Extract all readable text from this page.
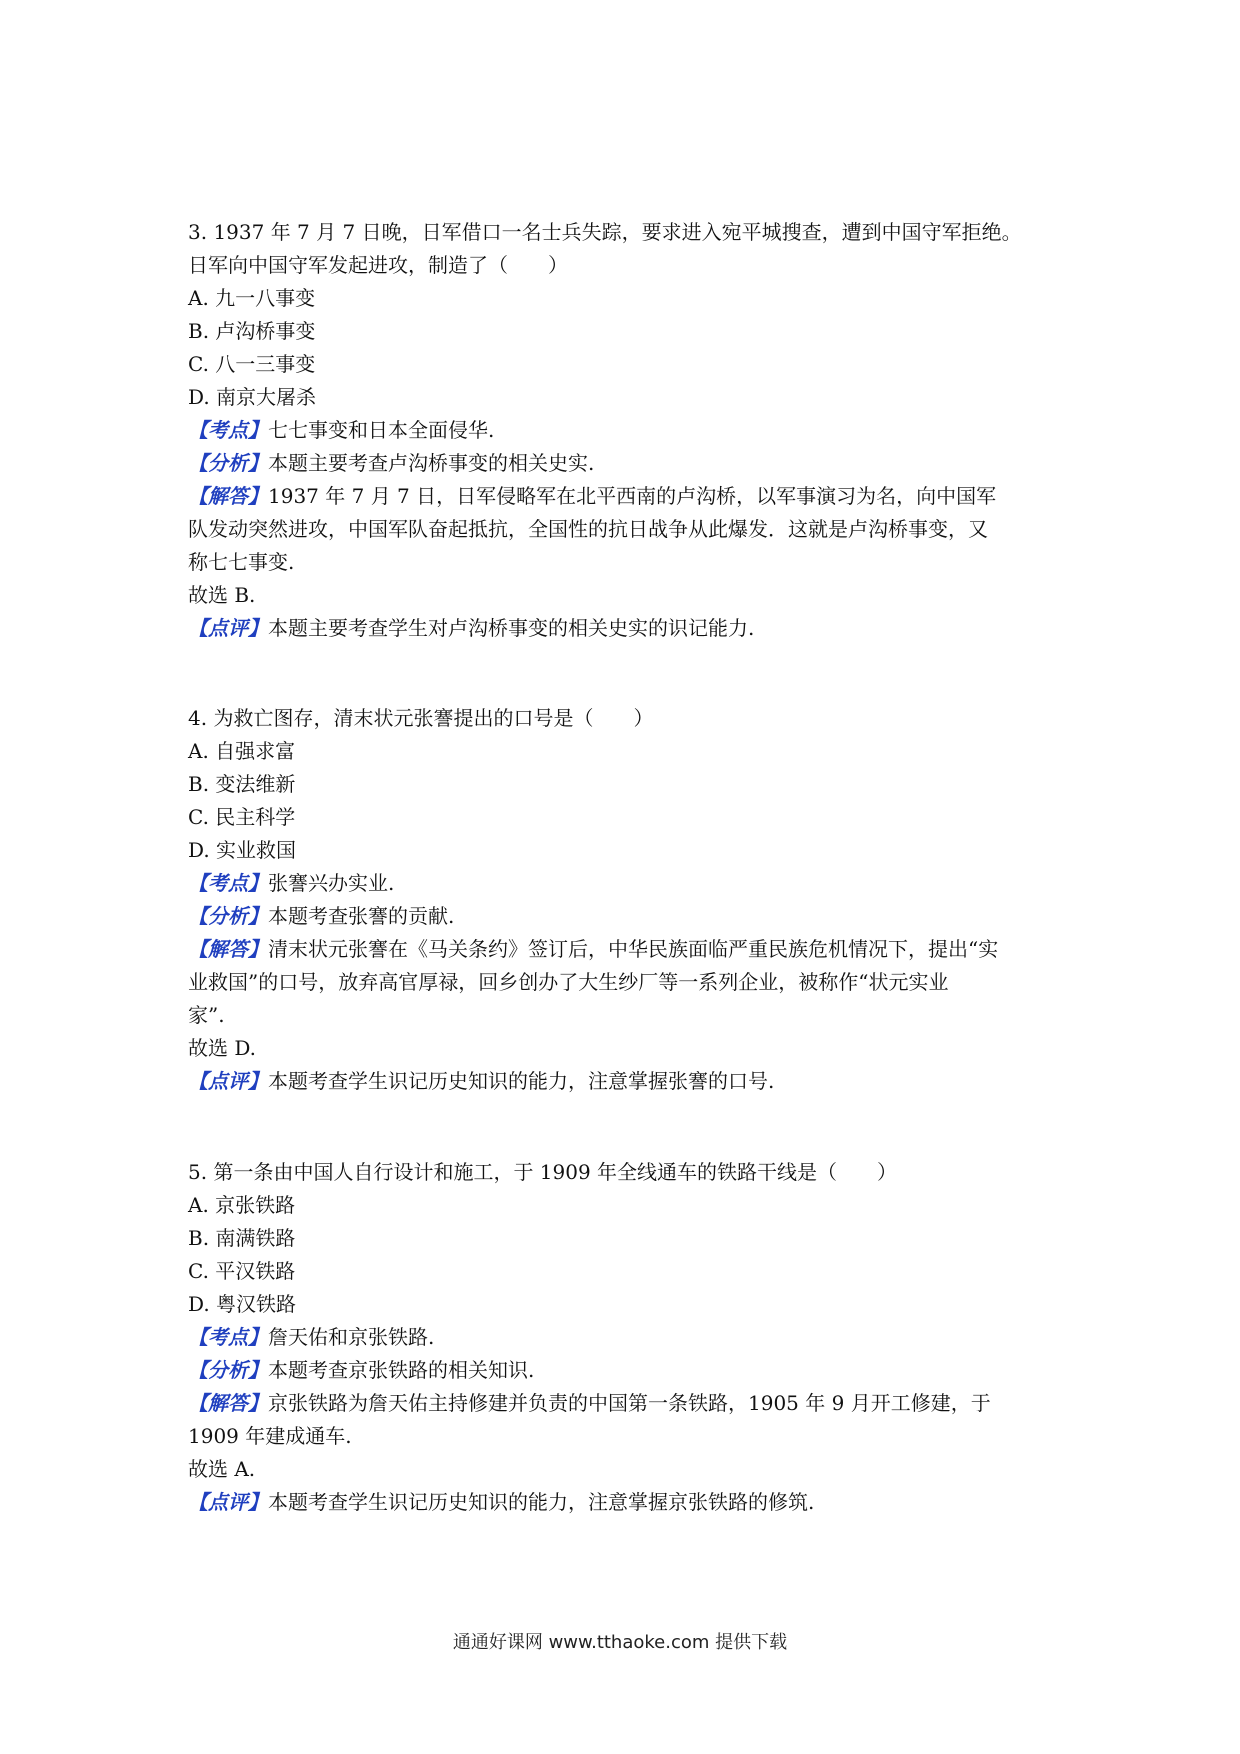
3. 1937 年 7 月 7 日晚，日军借口一名士兵失踪，要求进入宛平城搜查，遭到中国守军拒绝。
日军向中国守军发起进攻，制造了（　　）
A. 九一八事变
B. 卢沟桥事变
C. 八一三事变
D. 南京大屠杀
【考点】七七事变和日本全面侵华.
【分析】本题主要考查卢沟桥事变的相关史实.
【解答】1937 年 7 月 7 日，日军侵略军在北平西南的卢沟桥，以军事演习为名，向中国军
队发动突然进攻，中国军队奋起抵抗，全国性的抗日战争从此爆发．这就是卢沟桥事变，又
称七七事变.
故选 B.
【点评】本题主要考查学生对卢沟桥事变的相关史实的识记能力.
4. 为救亡图存，清末状元张謇提出的口号是（　　）
A. 自强求富
B. 变法维新
C. 民主科学
D. 实业救国
【考点】张謇兴办实业.
【分析】本题考查张謇的贡献.
【解答】清末状元张謇在《马关条约》签订后，中华民族面临严重民族危机情况下，提出“实
业救国”的口号，放弃高官厚禄，回乡创办了大生纱厂等一系列企业，被称作“状元实业
家”.
故选 D.
【点评】本题考查学生识记历史知识的能力，注意掌握张謇的口号.
5. 第一条由中国人自行设计和施工，于 1909 年全线通车的铁路干线是（　　）
A. 京张铁路
B. 南满铁路
C. 平汉铁路
D. 粤汉铁路
【考点】詹天佑和京张铁路.
【分析】本题考查京张铁路的相关知识.
【解答】京张铁路为詹天佑主持修建并负责的中国第一条铁路，1905 年 9 月开工修建，于
1909 年建成通车.
故选 A.
【点评】本题考查学生识记历史知识的能力，注意掌握京张铁路的修筑.
通通好课网 www.tthaoke.com 提供下载
